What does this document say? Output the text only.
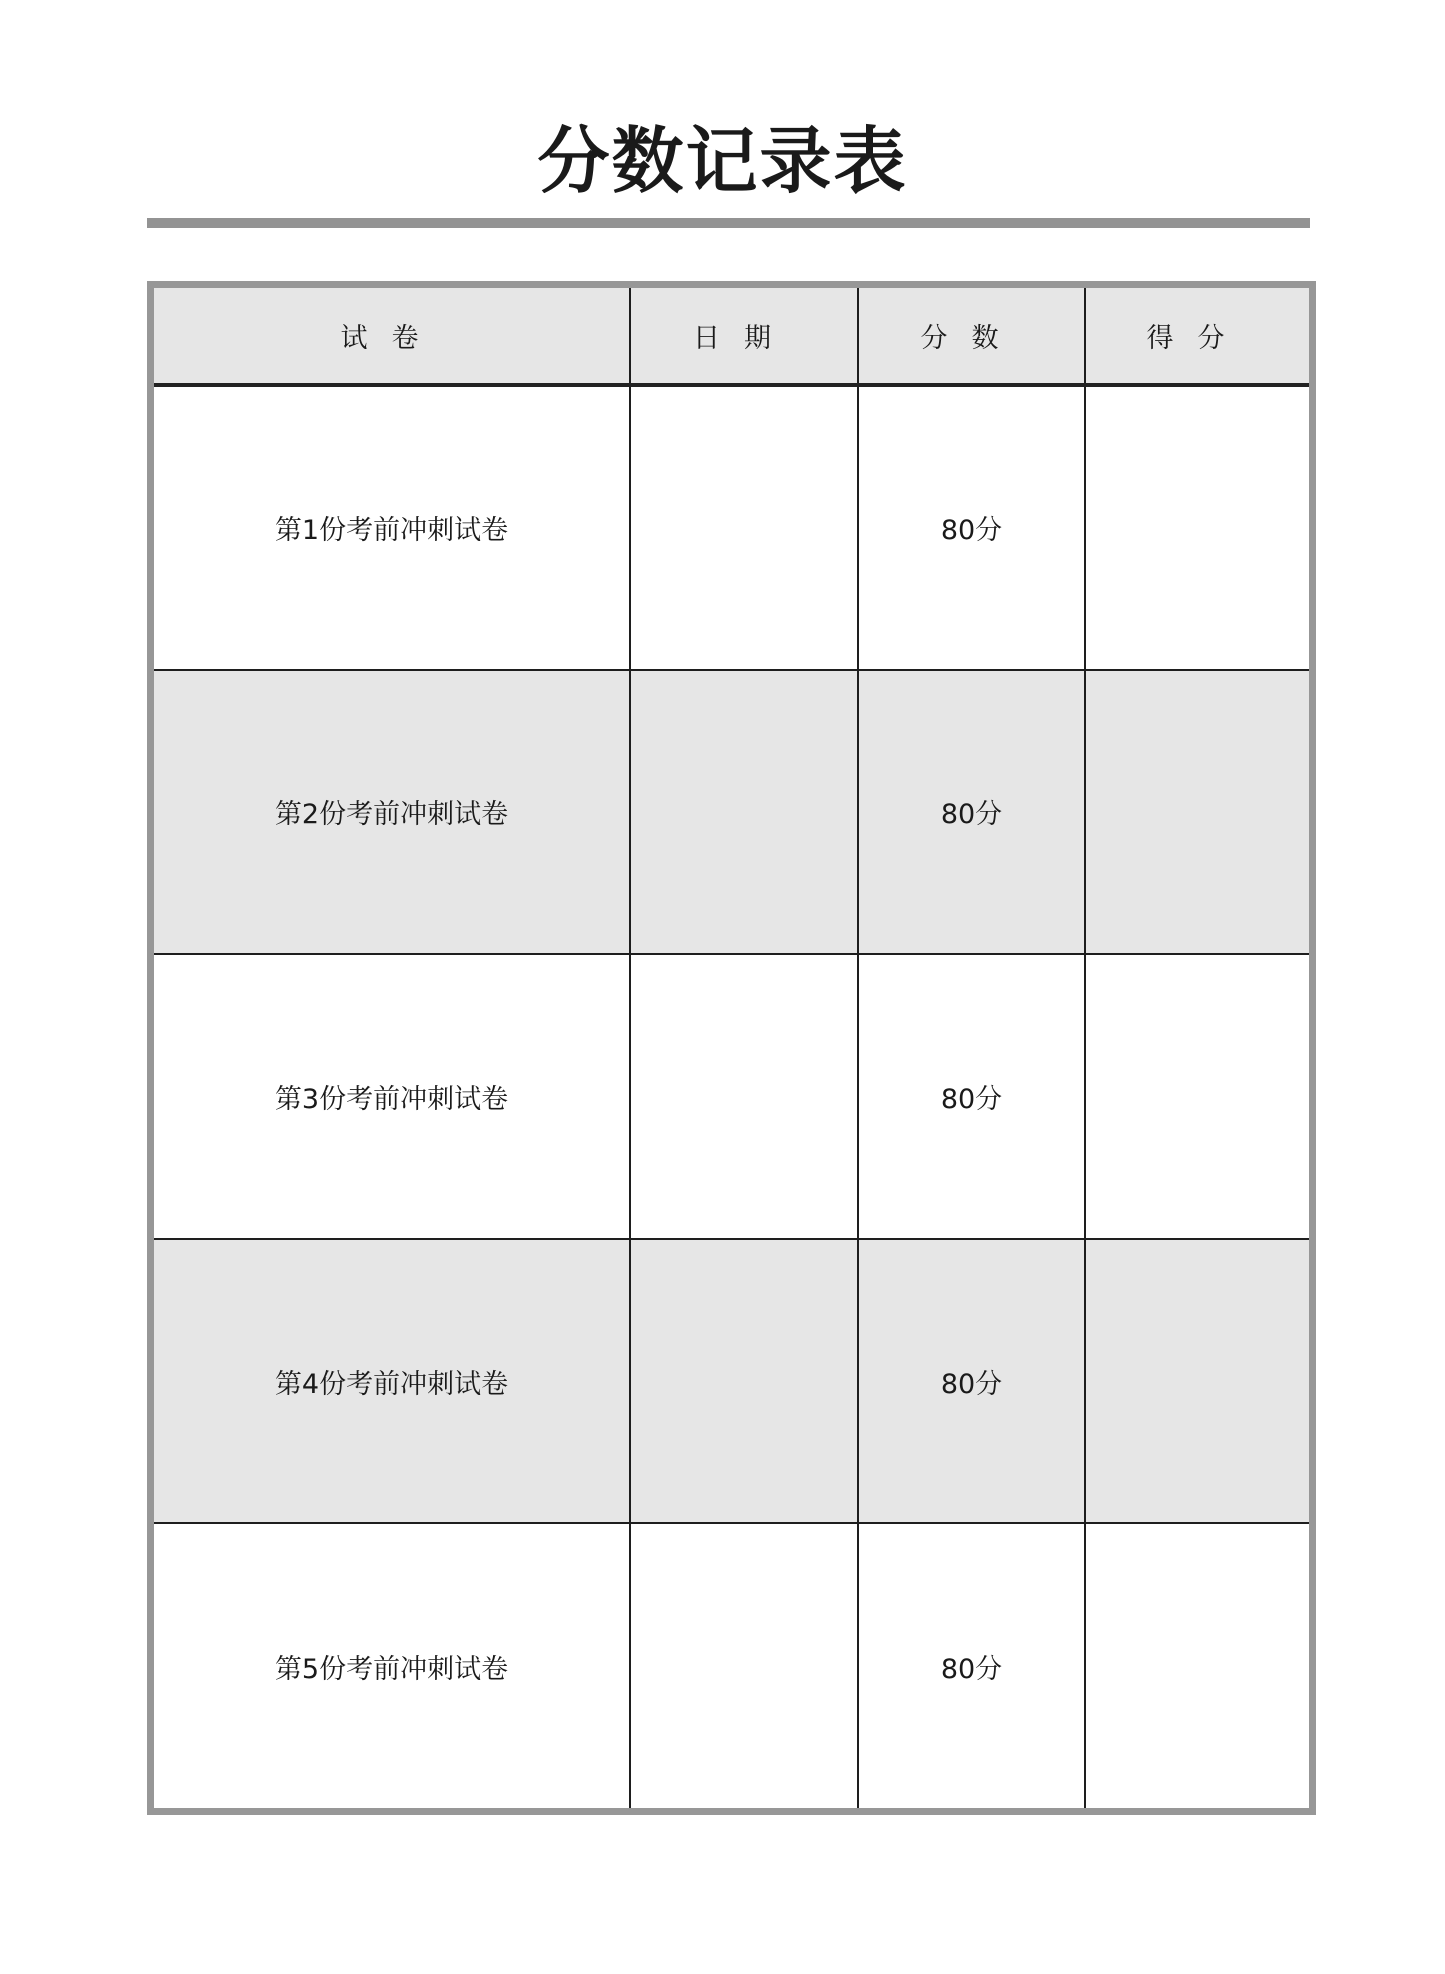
分数记录表
试卷	日期	分数	得分
第1份考前冲刺试卷		80分	
第2份考前冲刺试卷		80分	
第3份考前冲刺试卷		80分	
第4份考前冲刺试卷		80分	
第5份考前冲刺试卷		80分	
